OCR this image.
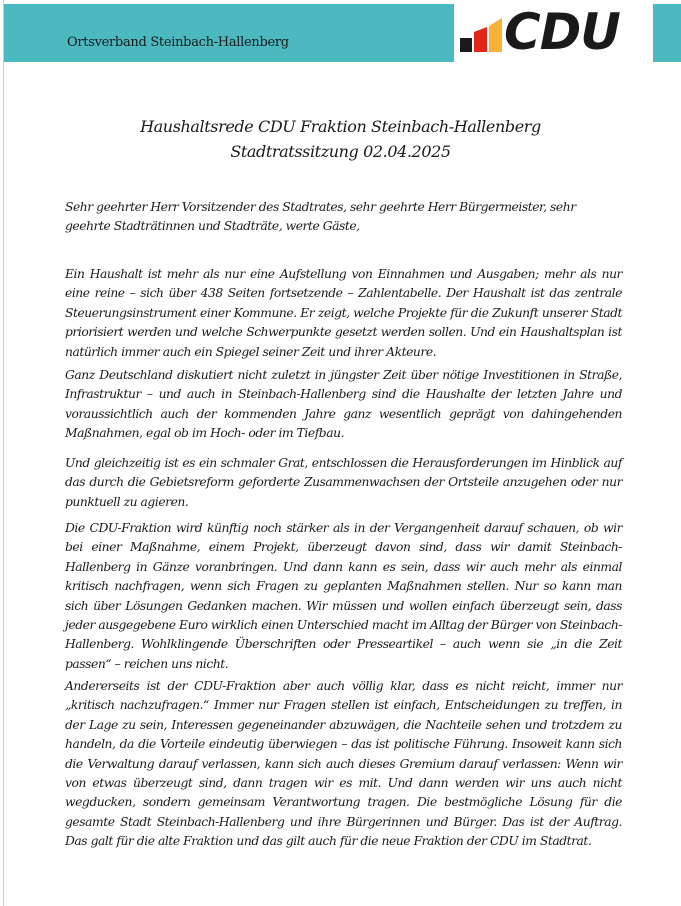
Ortsverband Steinbach-Hallenberg	CDU
Haushaltsrede CDU Fraktion Steinbach-Hallenberg
Stadtratssitzung 02.04.2025

Sehr geehrter Herr Vorsitzender des Stadtrates, sehr geehrte Herr Bürgermeister, sehr geehrte Stadträtinnen und Stadträte, werte Gäste,

Ein Haushalt ist mehr als nur eine Aufstellung von Einnahmen und Ausgaben; mehr als nur eine reine – sich über 438 Seiten fortsetzende – Zahlentabelle. Der Haushalt ist das zentrale Steuerungsinstrument einer Kommune. Er zeigt, welche Projekte für die Zukunft unserer Stadt priorisiert werden und welche Schwerpunkte gesetzt werden sollen. Und ein Haushaltsplan ist natürlich immer auch ein Spiegel seiner Zeit und ihrer Akteure.

Ganz Deutschland diskutiert nicht zuletzt in jüngster Zeit über nötige Investitionen in Straße, Infrastruktur – und auch in Steinbach-Hallenberg sind die Haushalte der letzten Jahre und voraussichtlich auch der kommenden Jahre ganz wesentlich geprägt von dahingehenden Maßnahmen, egal ob im Hoch- oder im Tiefbau.

Und gleichzeitig ist es ein schmaler Grat, entschlossen die Herausforderungen im Hinblick auf das durch die Gebietsreform geforderte Zusammenwachsen der Ortsteile anzugehen oder nur punktuell zu agieren.

Die CDU-Fraktion wird künftig noch stärker als in der Vergangenheit darauf schauen, ob wir bei einer Maßnahme, einem Projekt, überzeugt davon sind, dass wir damit Steinbach-Hallenberg in Gänze voranbringen. Und dann kann es sein, dass wir auch mehr als einmal kritisch nachfragen, wenn sich Fragen zu geplanten Maßnahmen stellen. Nur so kann man sich über Lösungen Gedanken machen. Wir müssen und wollen einfach überzeugt sein, dass jeder ausgegebene Euro wirklich einen Unterschied macht im Alltag der Bürger von Steinbach-Hallenberg. Wohlklingende Überschriften oder Presseartikel – auch wenn sie „in die Zeit passen“ – reichen uns nicht.

Andererseits ist der CDU-Fraktion aber auch völlig klar, dass es nicht reicht, immer nur „kritisch nachzufragen.“ Immer nur Fragen stellen ist einfach, Entscheidungen zu treffen, in der Lage zu sein, Interessen gegeneinander abzuwägen, die Nachteile sehen und trotzdem zu handeln, da die Vorteile eindeutig überwiegen – das ist politische Führung. Insoweit kann sich die Verwaltung darauf verlassen, kann sich auch dieses Gremium darauf verlassen: Wenn wir von etwas überzeugt sind, dann tragen wir es mit. Und dann werden wir uns auch nicht wegducken, sondern gemeinsam Verantwortung tragen. Die bestmögliche Lösung für die gesamte Stadt Steinbach-Hallenberg und ihre Bürgerinnen und Bürger. Das ist der Auftrag. Das galt für die alte Fraktion und das gilt auch für die neue Fraktion der CDU im Stadtrat.
